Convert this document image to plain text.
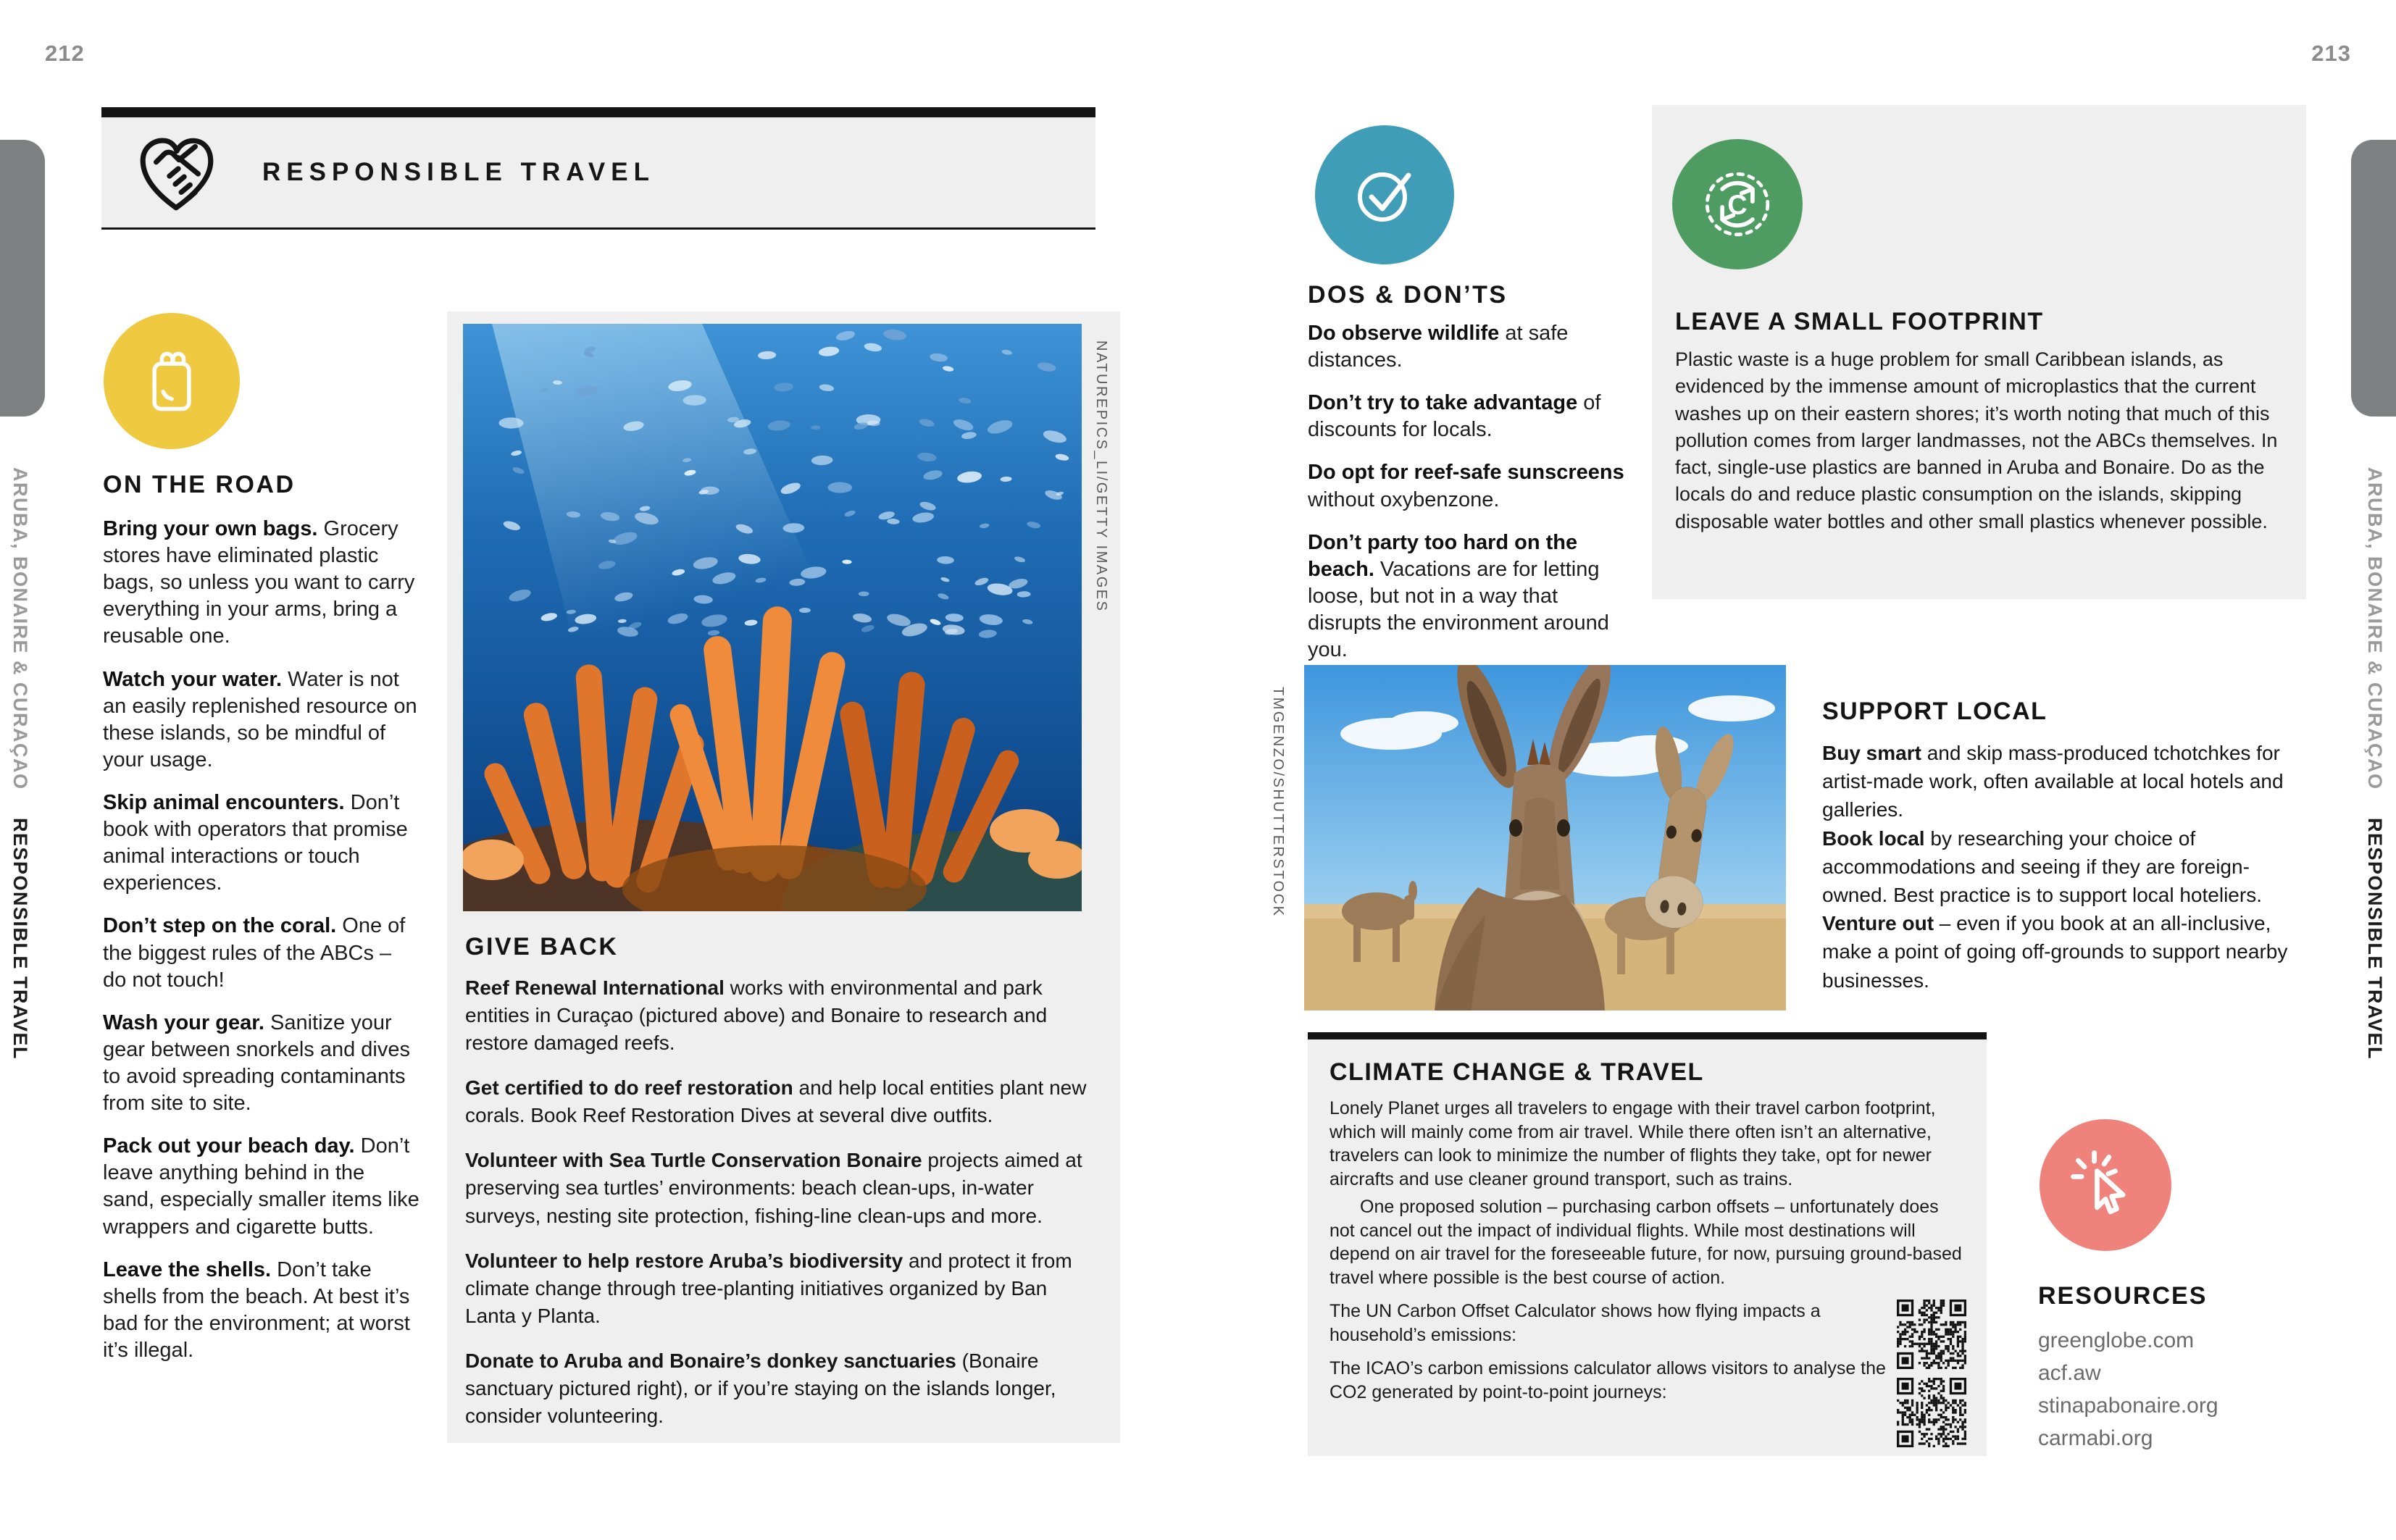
212	213
ARUBA, BONAIRE & CURAÇAORESPONSIBLE TRAVEL
ARUBA, BONAIRE & CURAÇAORESPONSIBLE TRAVEL
RESPONSIBLE TRAVEL
ON THE ROAD

Bring your own bags. Grocery stores have eliminated plastic bags, so unless you want to carry everything in your arms, bring a reusable one.

Watch your water. Water is not an easily replenished resource on these islands, so be mindful of your usage.

Skip animal encounters. Don’t book with operators that promise animal interactions or touch experiences.

Don’t step on the coral. One of the biggest rules of the ABCs – do not touch!

Wash your gear. Sanitize your gear between snorkels and dives to avoid spreading contaminants from site to site.

Pack out your beach day. Don’t leave anything behind in the sand, especially smaller items like wrappers and cigarette butts.

Leave the shells. Don’t take shells from the beach. At best it’s bad for the environment; at worst it’s illegal.

NATUREPICS_LI/GETTY IMAGES
GIVE BACK

Reef Renewal International works with environmental and park entities in Curaçao (pictured above) and Bonaire to research and restore damaged reefs.

Get certified to do reef restoration and help local entities plant new corals. Book Reef Restoration Dives at several dive outfits.

Volunteer with Sea Turtle Conservation Bonaire projects aimed at preserving sea turtles’ environments: beach clean-ups, in-water surveys, nesting site protection, fishing-line clean-ups and more.

Volunteer to help restore Aruba’s biodiversity and protect it from climate change through tree-planting initiatives organized by Ban Lanta y Planta.

Donate to Aruba and Bonaire’s donkey sanctuaries (Bonaire sanctuary pictured right), or if you’re staying on the islands longer, consider volunteering.

DOS & DON’TS

Do observe wildlife at safe distances.

Don’t try to take advantage of discounts for locals.

Do opt for reef-safe sunscreens without oxybenzone.

Don’t party too hard on the beach. Vacations are for letting loose, but not in a way that disrupts the environment around you.

C
LEAVE A SMALL FOOTPRINT
Plastic waste is a huge problem for small Caribbean islands, as evidenced by the immense amount of microplastics that the current washes up on their eastern shores; it’s worth noting that much of this pollution comes from larger landmasses, not the ABCs themselves. In fact, single-use plastics are banned in Aruba and Bonaire. Do as the locals do and reduce plastic consumption on the islands, skipping disposable water bottles and other small plastics whenever possible.
TMGENZO/SHUTTERSTOCK	SUPPORT LOCAL

Buy smart and skip mass-produced tchotchkes for artist-made work, often available at local hotels and galleries.

Book local by researching your choice of accommodations and seeing if they are foreign-owned. Best practice is to support local hoteliers.

Venture out – even if you book at an all-inclusive, make a point of going off-grounds to support nearby businesses.

CLIMATE CHANGE & TRAVEL
Lonely Planet urges all travelers to engage with their travel carbon footprint, which will mainly come from air travel. While there often isn’t an alternative, travelers can look to minimize the number of flights they take, opt for newer aircrafts and use cleaner ground transport, such as trains.
One proposed solution – purchasing carbon offsets – unfortunately does not cancel out the impact of individual flights. While most destinations will depend on air travel for the foreseeable future, for now, pursuing ground-based travel where possible is the best course of action.

The UN Carbon Offset Calculator shows how flying impacts a household’s emissions:

The ICAO’s carbon emissions calculator allows visitors to analyse the CO2 generated by point-to-point journeys:

RESOURCES
greenglobe.com
acf.aw
stinapabonaire.org
carmabi.org
